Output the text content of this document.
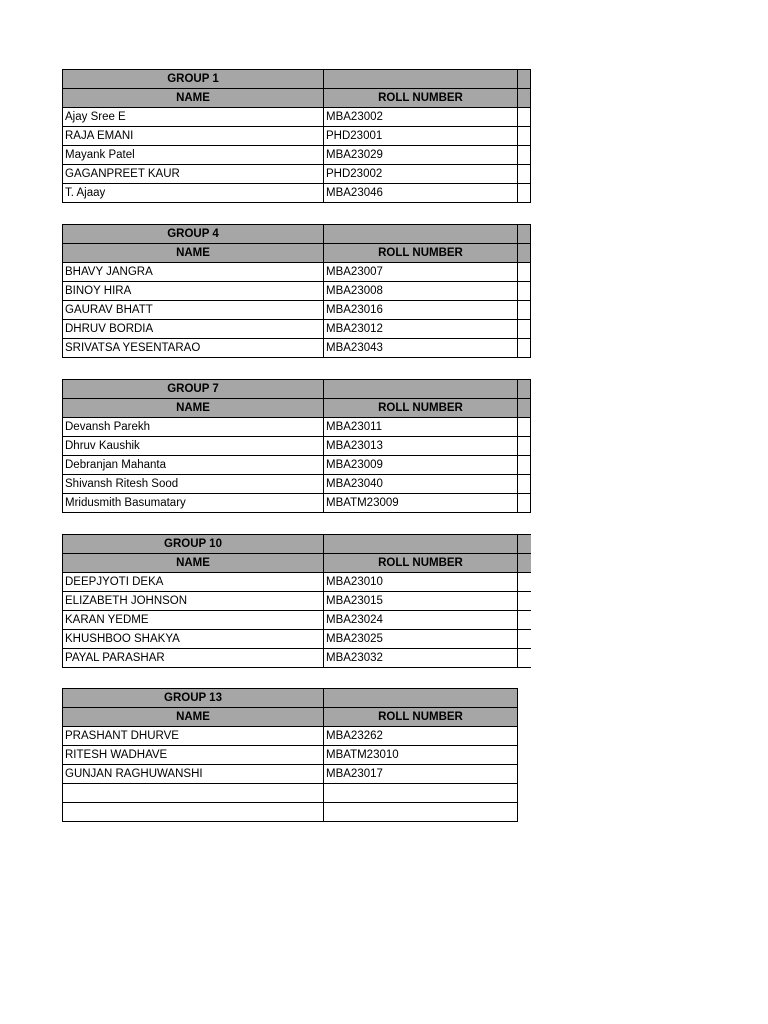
GROUP 1		
NAME	ROLL NUMBER	
Ajay Sree E	MBA23002	
RAJA EMANI	PHD23001	
Mayank Patel	MBA23029	
GAGANPREET KAUR	PHD23002	
T. Ajaay	MBA23046	
GROUP 4		
NAME	ROLL NUMBER	
BHAVY JANGRA	MBA23007	
BINOY HIRA	MBA23008	
GAURAV BHATT	MBA23016	
DHRUV BORDIA	MBA23012	
SRIVATSA YESENTARAO	MBA23043	
GROUP 7		
NAME	ROLL NUMBER	
Devansh Parekh	MBA23011	
Dhruv Kaushik	MBA23013	
Debranjan Mahanta	MBA23009	
Shivansh Ritesh Sood	MBA23040	
Mridusmith Basumatary	MBATM23009	
GROUP 10		
NAME	ROLL NUMBER	
DEEPJYOTI DEKA	MBA23010	
ELIZABETH JOHNSON	MBA23015	
KARAN YEDME	MBA23024	
KHUSHBOO SHAKYA	MBA23025	
PAYAL PARASHAR	MBA23032	
GROUP 13	
NAME	ROLL NUMBER
PRASHANT DHURVE	MBA23262
RITESH WADHAVE	MBATM23010
GUNJAN RAGHUWANSHI	MBA23017
